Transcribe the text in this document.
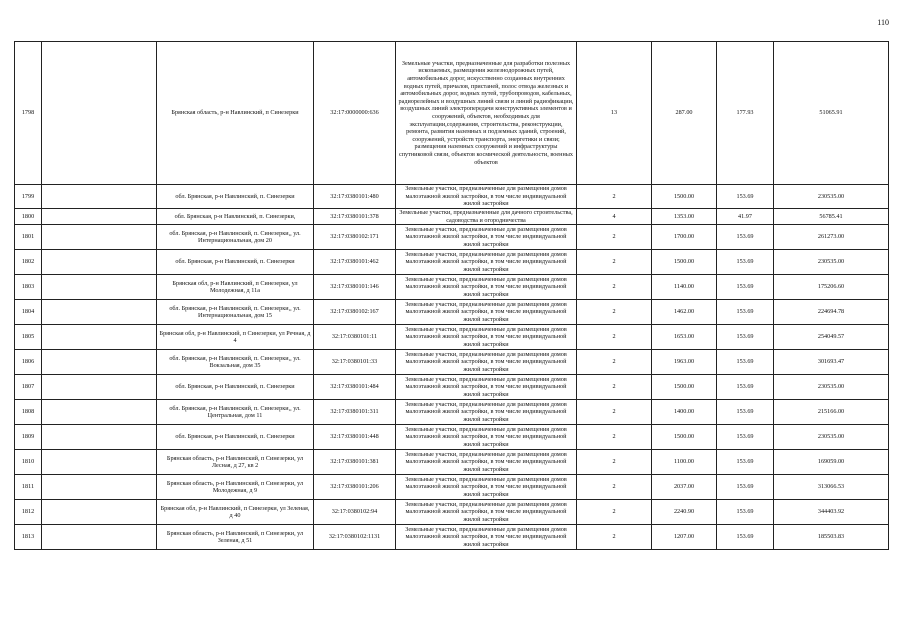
110
1798		Брянская область, р-н Навлинский, п Синезерки	32:17:0000000:636	Земельные участки, предназначенные для разработки полезных ископаемых, размещения железнодорожных путей, автомобильных дорог, искусственно созданных внутренних водных путей, причалов, пристаней, полос отвода железных и автомобильных дорог, водных путей, трубопроводов, кабельных, радиорелейных и воздушных линий связи и линий радиофикации, воздушных линий электропередачи конструктивных элементов и сооружений, объектов, необходимых для эксплуатации,содержания, строительства, реконструкции, ремонта, развития наземных и подземных зданий, строений, сооружений, устройств транспорта, энергетики и связи; размещения наземных сооружений и инфраструктуры спутниковой связи, объектов космической деятельности, военных объектов	13	287.00	177.93	51065.91
1799		обл. Брянская, р-н Навлинский, п. Синезерки	32:17:0380101:480	Земельные участки, предназначенные для размещения домов малоэтажной жилой застройки, в том числе индивидуальной жилой застройки	2	1500.00	153.69	230535.00
1800		обл. Брянская, р-н Навлинский, п. Синезерки,	32:17:0380101:378	Земельные участки, предназначенные для дачного строительства, садоводства и огородничества	4	1353.00	41.97	56785.41
1801		обл. Брянская, р-н Навлинский, п. Синезерки,, ул. Интернациональная, дом 20	32:17:0380102:171	Земельные участки, предназначенные для размещения домов малоэтажной жилой застройки, в том числе индивидуальной жилой застройки	2	1700.00	153.69	261273.00
1802		обл. Брянская, р-н Навлинский, п. Синезерки	32:17:0380101:462	Земельные участки, предназначенные для размещения домов малоэтажной жилой застройки, в том числе индивидуальной жилой застройки	2	1500.00	153.69	230535.00
1803		Брянская обл, р-н Навлинский, п Синезерки, ул Молодежная, д 11а	32:17:0380101:146	Земельные участки, предназначенные для размещения домов малоэтажной жилой застройки, в том числе индивидуальной жилой застройки	2	1140.00	153.69	175206.60
1804		обл. Брянская, р-н Навлинский, п. Синезерки,, ул. Интернациональная, дом 15	32:17:0380102:167	Земельные участки, предназначенные для размещения домов малоэтажной жилой застройки, в том числе индивидуальной жилой застройки	2	1462.00	153.69	224694.78
1805		Брянская обл, р-н Навлинский, п Синезерки, ул Речная, д 4	32:17:0380101:11	Земельные участки, предназначенные для размещения домов малоэтажной жилой застройки, в том числе индивидуальной жилой застройки	2	1653.00	153.69	254049.57
1806		обл. Брянская, р-н Навлинский, п. Синезерки,, ул. Вокзальная, дом 35	32:17:0380101:33	Земельные участки, предназначенные для размещения домов малоэтажной жилой застройки, в том числе индивидуальной жилой застройки	2	1963.00	153.69	301693.47
1807		обл. Брянская, р-н Навлинский, п. Синезерки	32:17:0380101:484	Земельные участки, предназначенные для размещения домов малоэтажной жилой застройки, в том числе индивидуальной жилой застройки	2	1500.00	153.69	230535.00
1808		обл. Брянская, р-н Навлинский, п. Синезерки,, ул. Центральная, дом 11	32:17:0380101:311	Земельные участки, предназначенные для размещения домов малоэтажной жилой застройки, в том числе индивидуальной жилой застройки	2	1400.00	153.69	215166.00
1809		обл. Брянская, р-н Навлинский, п. Синезерки	32:17:0380101:448	Земельные участки, предназначенные для размещения домов малоэтажной жилой застройки, в том числе индивидуальной жилой застройки	2	1500.00	153.69	230535.00
1810		Брянская область, р-н Навлинский, п Синезерки, ул Лесная, д 27, кв 2	32:17:0380101:381	Земельные участки, предназначенные для размещения домов малоэтажной жилой застройки, в том числе индивидуальной жилой застройки	2	1100.00	153.69	169059.00
1811		Брянская область, р-н Навлинский, п Синезерки, ул Молодежная, д 9	32:17:0380101:206	Земельные участки, предназначенные для размещения домов малоэтажной жилой застройки, в том числе индивидуальной жилой застройки	2	2037.00	153.69	313066.53
1812		Брянская обл, р-н Навлинский, п Синезерки, ул Зеленая, д 40	32:17:0380102:94	Земельные участки, предназначенные для размещения домов малоэтажной жилой застройки, в том числе индивидуальной жилой застройки	2	2240.90	153.69	344403.92
1813		Брянская область, р-н Навлинский, п Синезерки, ул Зеленая, д 51	32:17:0380102:1131	Земельные участки, предназначенные для размещения домов малоэтажной жилой застройки, в том числе индивидуальной жилой застройки	2	1207.00	153.69	185503.83
